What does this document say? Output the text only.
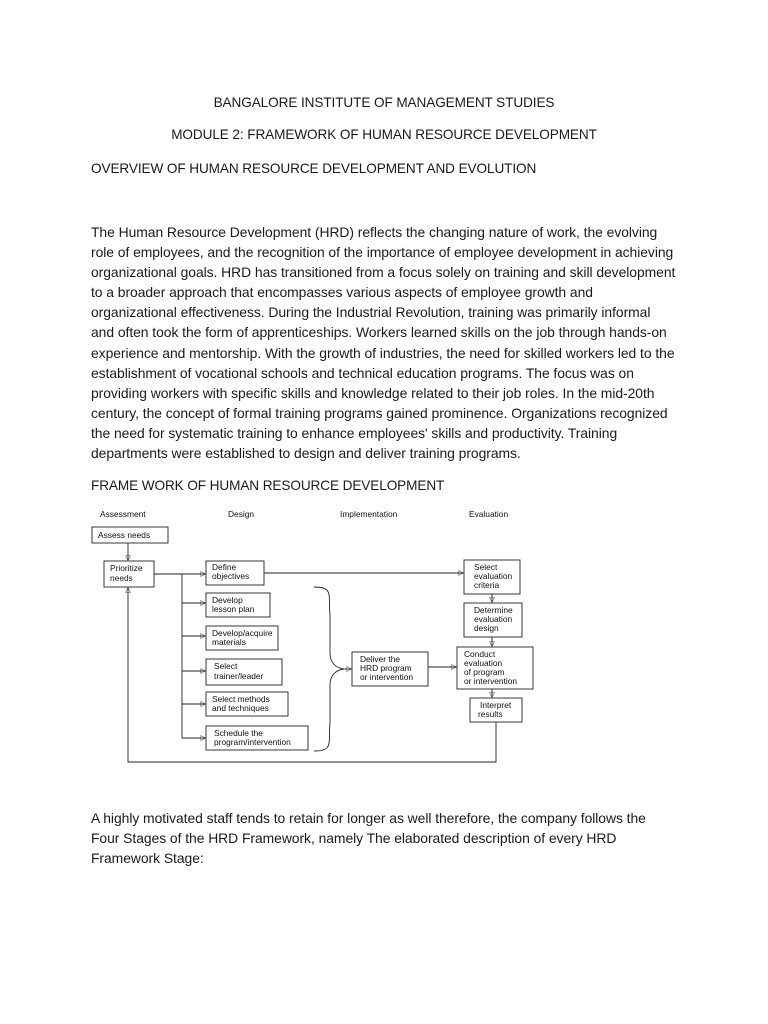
BANGALORE INSTITUTE OF MANAGEMENT STUDIES
MODULE 2: FRAMEWORK OF HUMAN RESOURCE DEVELOPMENT
OVERVIEW OF HUMAN RESOURCE DEVELOPMENT AND EVOLUTION
The Human Resource Development (HRD) reflects the changing nature of work, the evolving
role of employees, and the recognition of the importance of employee development in achieving
organizational goals. HRD has transitioned from a focus solely on training and skill development
to a broader approach that encompasses various aspects of employee growth and
organizational effectiveness. During the Industrial Revolution, training was primarily informal
and often took the form of apprenticeships. Workers learned skills on the job through hands-on
experience and mentorship. With the growth of industries, the need for skilled workers led to the
establishment of vocational schools and technical education programs. The focus was on
providing workers with specific skills and knowledge related to their job roles. In the mid-20th
century, the concept of formal training programs gained prominence. Organizations recognized
the need for systematic training to enhance employees' skills and productivity. Training
departments were established to design and deliver training programs.
FRAME WORK OF HUMAN RESOURCE DEVELOPMENT
Assessment	Design	Implementation	Evaluation
Assess needs
Prioritize
needs
Define
objectives
Develop
lesson plan
Develop/acquire
materials
Select
trainer/leader
Select methods
and techniques
Schedule the
program/intervention
Deliver the
HRD program
or intervention
Select
evaluation
criteria
Determine
evaluation
design
Conduct
evaluation
of program
or intervention
Interpret
results
A highly motivated staff tends to retain for longer as well therefore, the company follows the
Four Stages of the HRD Framework, namely The elaborated description of every HRD
Framework Stage:
